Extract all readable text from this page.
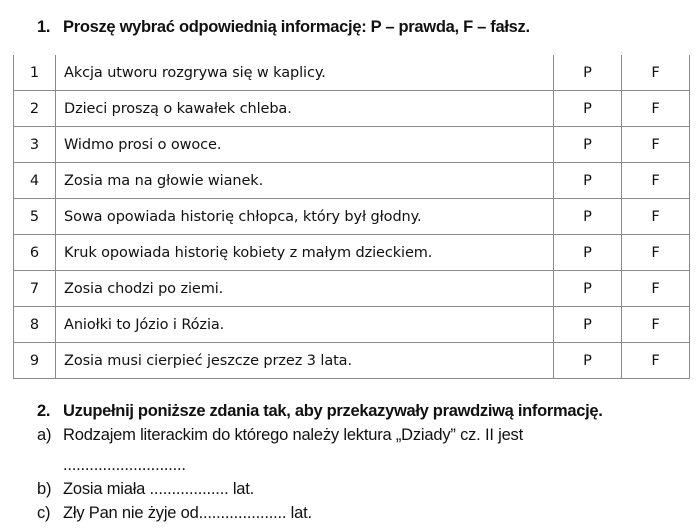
1. Proszę wybrać odpowiednią informację: P – prawda, F – fałsz.
1	Akcja utworu rozgrywa się w kaplicy.	P	F
2	Dzieci proszą o kawałek chleba.	P	F
3	Widmo prosi o owoce.	P	F
4	Zosia ma na głowie wianek.	P	F
5	Sowa opowiada historię chłopca, który był głodny.	P	F
6	Kruk opowiada historię kobiety z małym dzieckiem.	P	F
7	Zosia chodzi po ziemi.	P	F
8	Aniołki to Józio i Rózia.	P	F
9	Zosia musi cierpieć jeszcze przez 3 lata.	P	F
2. Uzupełnij poniższe zdania tak, aby przekazywały prawdziwą informację.
a) Rodzajem literackim do którego należy lektura „Dziady” cz. II jest
............................
b) Zosia miała .................. lat.
c) Zły Pan nie żyje od.................... lat.
